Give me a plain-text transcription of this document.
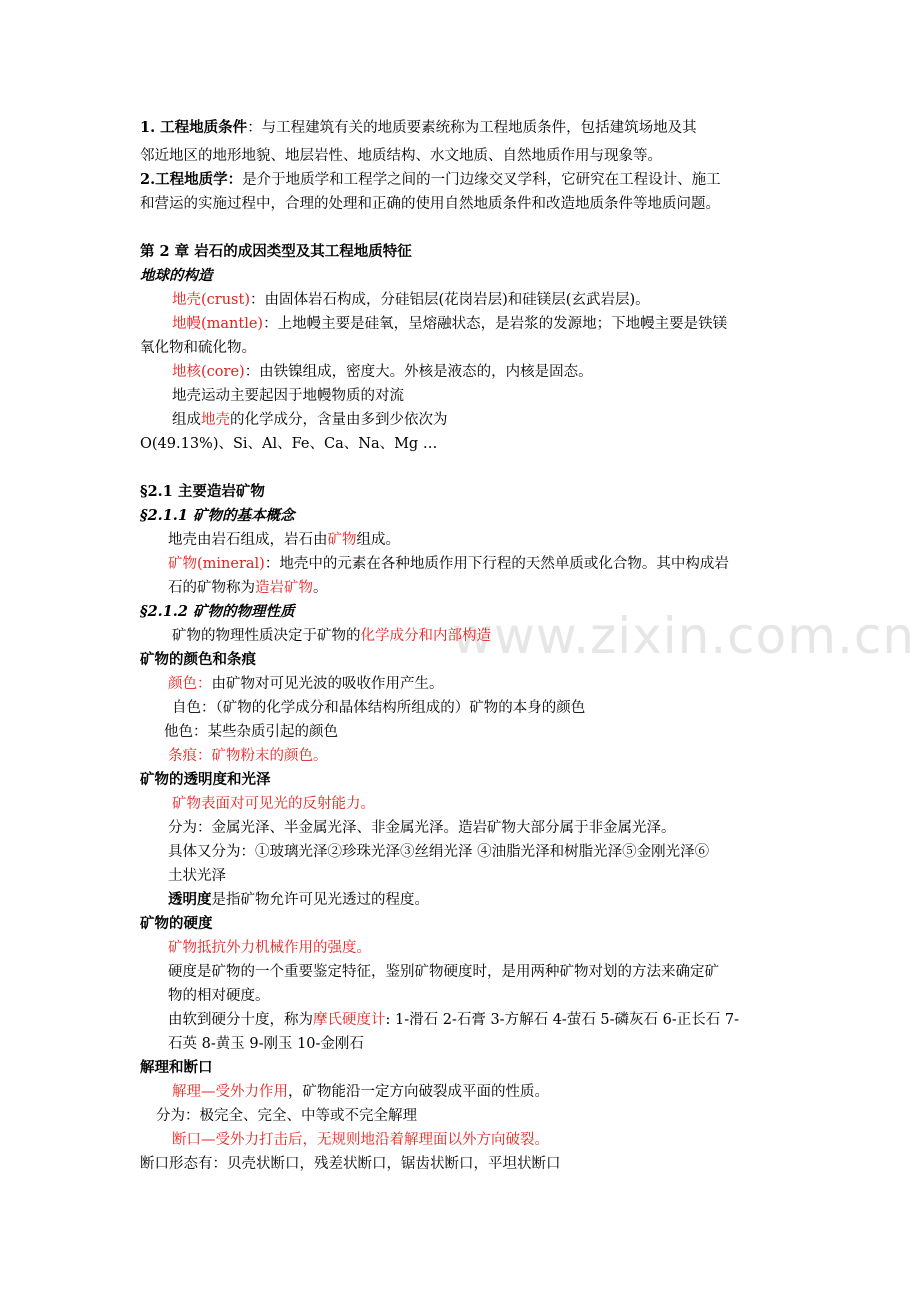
www.zixin.com.cn
1. 工程地质条件：与工程建筑有关的地质要素统称为工程地质条件，包括建筑场地及其
邻近地区的地形地貌、地层岩性、地质结构、水文地质、自然地质作用与现象等。
2.工程地质学：是介于地质学和工程学之间的一门边缘交叉学科，它研究在工程设计、施工
和营运的实施过程中，合理的处理和正确的使用自然地质条件和改造地质条件等地质问题。
第 2 章 岩石的成因类型及其工程地质特征
地球的构造
地壳(crust)：由固体岩石构成，分硅铝层(花岗岩层)和硅镁层(玄武岩层)。
地幔(mantle)：上地幔主要是硅氧，呈熔融状态，是岩浆的发源地；下地幔主要是铁镁
氧化物和硫化物。
地核(core)：由铁镍组成，密度大。外核是液态的，内核是固态。
地壳运动主要起因于地幔物质的对流
组成地壳的化学成分，含量由多到少依次为
O(49.13%)、Si、Al、Fe、Ca、Na、Mg …
§2.1 主要造岩矿物
§2.1.1 矿物的基本概念
地壳由岩石组成，岩石由矿物组成。
矿物(mineral)：地壳中的元素在各种地质作用下行程的天然单质或化合物。其中构成岩
石的矿物称为造岩矿物。
§2.1.2 矿物的物理性质
矿物的物理性质决定于矿物的化学成分和内部构造
矿物的颜色和条痕
颜色：由矿物对可见光波的吸收作用产生。
自色：（矿物的化学成分和晶体结构所组成的）矿物的本身的颜色
他色：某些杂质引起的颜色
条痕：矿物粉末的颜色。
矿物的透明度和光泽
矿物表面对可见光的反射能力。
分为：金属光泽、半金属光泽、非金属光泽。造岩矿物大部分属于非金属光泽。
具体又分为：①玻璃光泽②珍珠光泽③丝绢光泽 ④油脂光泽和树脂光泽⑤金刚光泽⑥
土状光泽
透明度是指矿物允许可见光透过的程度。
矿物的硬度
矿物抵抗外力机械作用的强度。
硬度是矿物的一个重要鉴定特征，鉴别矿物硬度时，是用两种矿物对划的方法来确定矿
物的相对硬度。
由软到硬分十度，称为摩氏硬度计: 1-滑石 2-石膏 3-方解石 4-萤石 5-磷灰石 6-正长石 7-
石英 8-黄玉 9-刚玉 10-金刚石
解理和断口
解理—受外力作用，矿物能沿一定方向破裂成平面的性质。
分为：极完全、完全、中等或不完全解理
断口—受外力打击后，无规则地沿着解理面以外方向破裂。
断口形态有：贝壳状断口，残差状断口，锯齿状断口，平坦状断口
